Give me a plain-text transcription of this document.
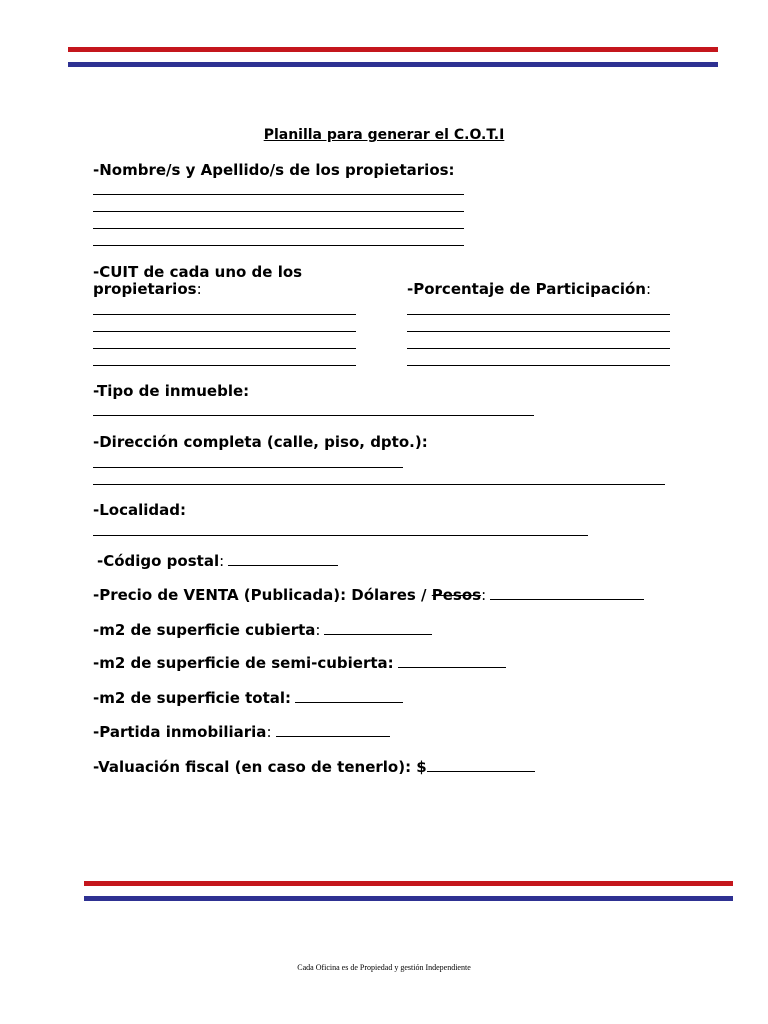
Planilla para generar el C.O.T.I
-Nombre/s y Apellido/s de los propietarios:
-CUIT de cada uno de los
propietarios:	-Porcentaje de Participación:
-Tipo de inmueble:
-Dirección completa (calle, piso, dpto.):
-Localidad:
-Código postal:
-Precio de VENTA (Publicada): Dólares / Pesos:
-m2 de superficie cubierta:
-m2 de superficie de semi-cubierta:
-m2 de superficie total:
-Partida inmobiliaria:
-Valuación fiscal (en caso de tenerlo): $
Cada Oficina es de Propiedad y gestión Independiente
